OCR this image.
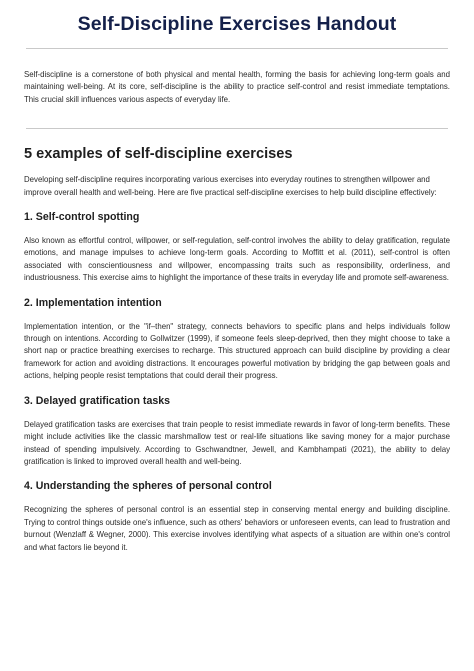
Self-Discipline Exercises Handout

Self-discipline is a cornerstone of both physical and mental health, forming the basis for achieving long-term goals and maintaining well-being. At its core, self-discipline is the ability to practice self-control and resist immediate temptations. This crucial skill influences various aspects of everyday life.

5 examples of self-discipline exercises

Developing self-discipline requires incorporating various exercises into everyday routines to strengthen willpower and improve overall health and well-being. Here are five practical self-discipline exercises to help build discipline effectively:

1. Self-control spotting

Also known as effortful control, willpower, or self-regulation, self-control involves the ability to delay gratification, regulate emotions, and manage impulses to achieve long-term goals. According to Moffitt et al. (2011), self-control is often associated with conscientiousness and willpower, encompassing traits such as responsibility, orderliness, and industriousness. This exercise aims to highlight the importance of these traits in everyday life and promote self-awareness.

2. Implementation intention

Implementation intention, or the "if–then" strategy, connects behaviors to specific plans and helps individuals follow through on intentions. According to Gollwitzer (1999), if someone feels sleep-deprived, then they might choose to take a short nap or practice breathing exercises to recharge. This structured approach can build discipline by providing a clear framework for action and avoiding distractions. It encourages powerful motivation by bridging the gap between goals and actions, helping people resist temptations that could derail their progress.

3. Delayed gratification tasks

Delayed gratification tasks are exercises that train people to resist immediate rewards in favor of long-term benefits. These might include activities like the classic marshmallow test or real-life situations like saving money for a major purchase instead of spending impulsively. According to Gschwandtner, Jewell, and Kambhampati (2021), the ability to delay gratification is linked to improved overall health and well-being.

4. Understanding the spheres of personal control

Recognizing the spheres of personal control is an essential step in conserving mental energy and building discipline. Trying to control things outside one's influence, such as others' behaviors or unforeseen events, can lead to frustration and burnout (Wenzlaff & Wegner, 2000). This exercise involves identifying what aspects of a situation are within one's control and what factors lie beyond it.
